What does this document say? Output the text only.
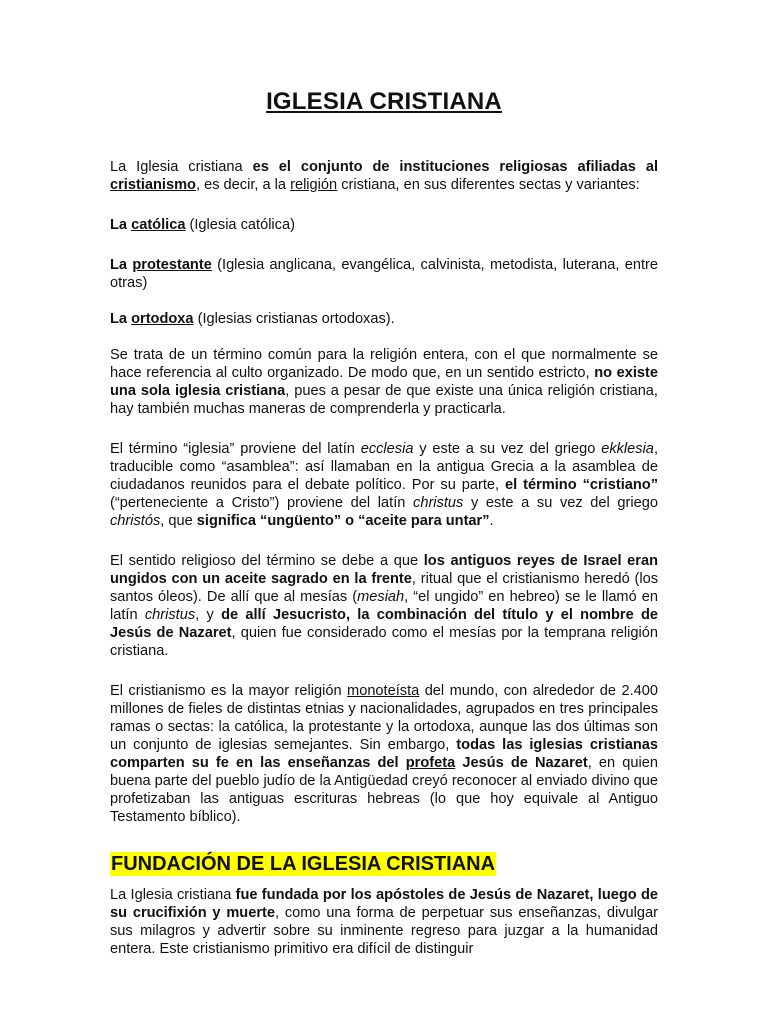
IGLESIA CRISTIANA

La Iglesia cristiana es el conjunto de instituciones religiosas afiliadas al cristianismo, es decir, a la religión cristiana, en sus diferentes sectas y variantes:

La católica (Iglesia católica)

La protestante (Iglesia anglicana, evangélica, calvinista, metodista, luterana, entre otras)

La ortodoxa (Iglesias cristianas ortodoxas).

Se trata de un término común para la religión entera, con el que normalmente se hace referencia al culto organizado. De modo que, en un sentido estricto, no existe una sola iglesia cristiana, pues a pesar de que existe una única religión cristiana, hay también muchas maneras de comprenderla y practicarla.

El término “iglesia” proviene del latín ecclesia y este a su vez del griego ekklesia, traducible como “asamblea”: así llamaban en la antigua Grecia a la asamblea de ciudadanos reunidos para el debate político. Por su parte, el término “cristiano” (“perteneciente a Cristo”) proviene del latín christus y este a su vez del griego christós, que significa “ungüento” o “aceite para untar”.

El sentido religioso del término se debe a que los antiguos reyes de Israel eran ungidos con un aceite sagrado en la frente, ritual que el cristianismo heredó (los santos óleos). De allí que al mesías (mesiah, “el ungido” en hebreo) se le llamó en latín christus, y de allí Jesucristo, la combinación del título y el nombre de Jesús de Nazaret, quien fue considerado como el mesías por la temprana religión cristiana.

El cristianismo es la mayor religión monoteísta del mundo, con alrededor de 2.400 millones de fieles de distintas etnias y nacionalidades, agrupados en tres principales ramas o sectas: la católica, la protestante y la ortodoxa, aunque las dos últimas son un conjunto de iglesias semejantes. Sin embargo, todas las iglesias cristianas comparten su fe en las enseñanzas del profeta Jesús de Nazaret, en quien buena parte del pueblo judío de la Antigüedad creyó reconocer al enviado divino que profetizaban las antiguas escrituras hebreas (lo que hoy equivale al Antiguo Testamento bíblico).

FUNDACIÓN DE LA IGLESIA CRISTIANA

La Iglesia cristiana fue fundada por los apóstoles de Jesús de Nazaret, luego de su crucifixión y muerte, como una forma de perpetuar sus enseñanzas, divulgar sus milagros y advertir sobre su inminente regreso para juzgar a la humanidad entera. Este cristianismo primitivo era difícil de distinguir
